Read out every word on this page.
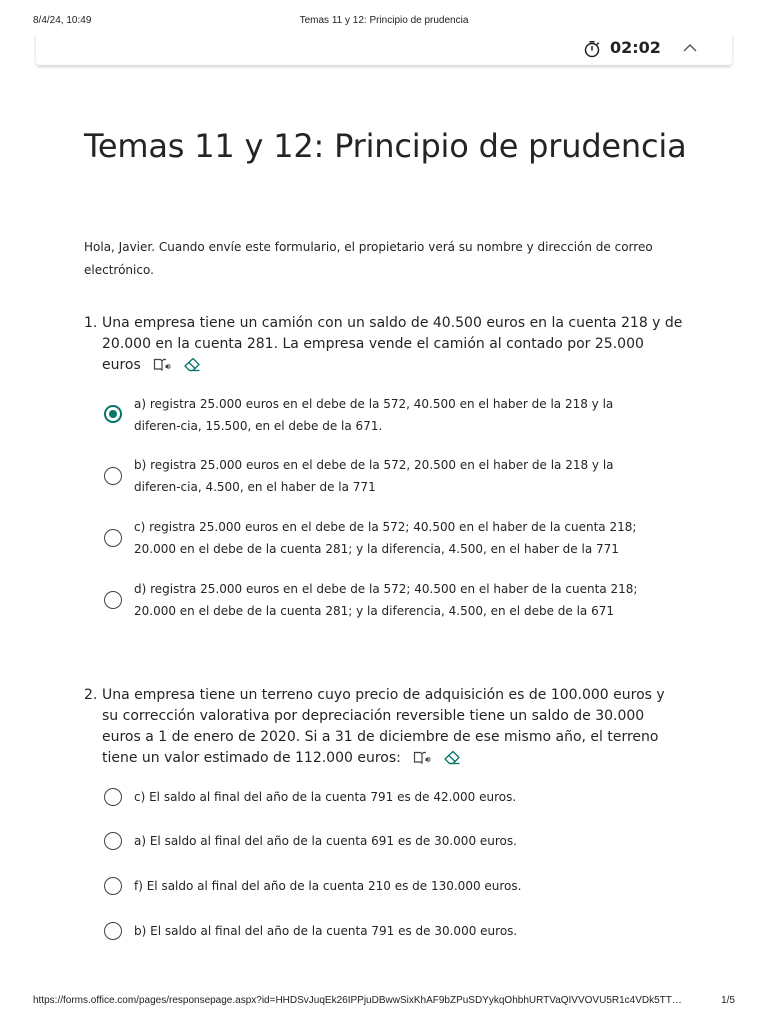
8/4/24, 10:49	Temas 11 y 12: Principio de prudencia
02:02
Temas 11 y 12: Principio de prudencia
Hola, Javier. Cuando envíe este formulario, el propietario verá su nombre y dirección de correo electrónico.

1. Una empresa tiene un camión con un saldo de 40.500 euros en la cuenta 218 y de 20.000 en la cuenta 281. La empresa vende el camión al contado por 25.000 euros

a) registra 25.000 euros en el debe de la 572, 40.500 en el haber de la 218 y la diferen-cia, 15.500, en el debe de la 671.
b) registra 25.000 euros en el debe de la 572, 20.500 en el haber de la 218 y la diferen-cia, 4.500, en el haber de la 771
c) registra 25.000 euros en el debe de la 572; 40.500 en el haber de la cuenta 218; 20.000 en el debe de la cuenta 281; y la diferencia, 4.500, en el haber de la 771
d) registra 25.000 euros en el debe de la 572; 40.500 en el haber de la cuenta 218; 20.000 en el debe de la cuenta 281; y la diferencia, 4.500, en el debe de la 671

2. Una empresa tiene un terreno cuyo precio de adquisición es de 100.000 euros y su corrección valorativa por depreciación reversible tiene un saldo de 30.000 euros a 1 de enero de 2020. Si a 31 de diciembre de ese mismo año, el terreno tiene un valor estimado de 112.000 euros:

c) El saldo al final del año de la cuenta 791 es de 42.000 euros.
a) El saldo al final del año de la cuenta 691 es de 30.000 euros.
f) El saldo al final del año de la cuenta 210 es de 130.000 euros.
b) El saldo al final del año de la cuenta 791 es de 30.000 euros.
https://forms.office.com/pages/responsepage.aspx?id=HHDSvJuqEk26IPPjuDBwwSixKhAF9bZPuSDYykqOhbhURTVaQIVVOVU5R1c4VDk5TT…	1/5
